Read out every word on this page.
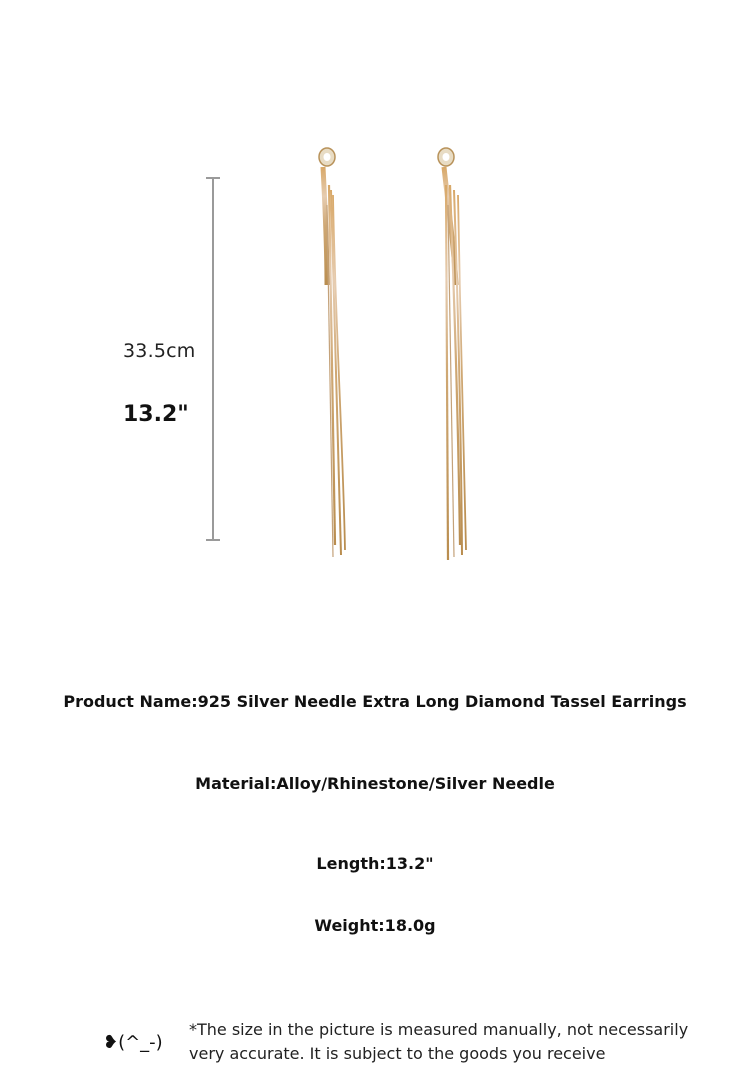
33.5cm
13.2"
Product Name:925 Silver Needle Extra Long Diamond Tassel Earrings
Material:Alloy/Rhinestone/Silver Needle
Length:13.2"
Weight:18.0g
❥(^_-)
*The size in the picture is measured manually, not necessarily
very accurate. It is subject to the goods you receive
